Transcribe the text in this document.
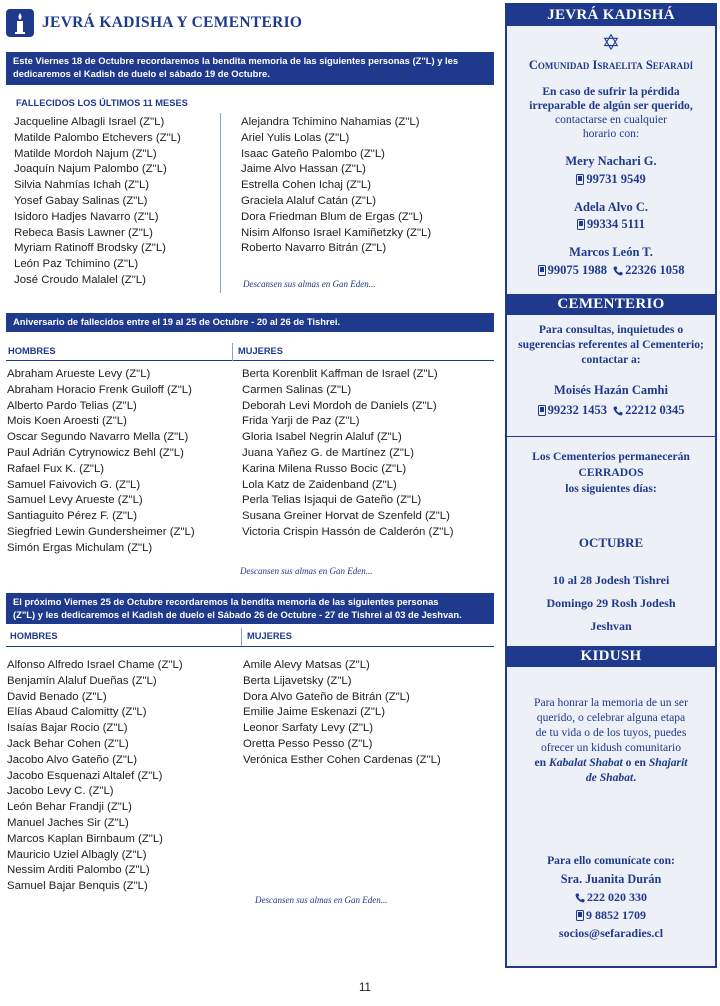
JEVRÁ KADISHA Y CEMENTERIO
Este Viernes 18 de Octubre recordaremos la bendita memoria de las siguientes personas (Z"L) y les dedicaremos el Kadish de duelo el sábado 19 de Octubre.
FALLECIDOS LOS ÚLTIMOS 11 MESES
Jacqueline Albagli Israel (Z"L)
Matilde Palombo Etchevers (Z"L)
Matilde Mordoh Najum (Z"L)
Joaquín Najum Palombo (Z"L)
Silvia Nahmías Ichah (Z"L)
Yosef Gabay Salinas (Z"L)
Isidoro Hadjes Navarro (Z"L)
Rebeca Basis Lawner (Z"L)
Myriam Ratinoff Brodsky (Z"L)
León Paz Tchimino (Z"L)
José Croudo Malalel (Z"L)
Alejandra Tchimino Nahamias (Z"L)
Ariel Yulis Lolas (Z"L)
Isaac Gateño Palombo (Z"L)
Jaime Alvo Hassan (Z"L)
Estrella Cohen Ichaj (Z"L)
Graciela Alaluf Catán (Z"L)
Dora Friedman Blum de Ergas (Z"L)
Nisim Alfonso Israel Kamiñetzky (Z"L)
Roberto Navarro Bitrán (Z"L)
Descansen sus almas en Gan Eden...
Aniversario de fallecidos entre el 19 al 25 de Octubre - 20 al 26 de Tishrei.
HOMBRES	MUJERES
Abraham Arueste Levy (Z"L)
Abraham Horacio Frenk Guiloff (Z"L)
Alberto Pardo Telias (Z"L)
Mois Koen Aroesti (Z"L)
Oscar Segundo Navarro Mella (Z"L)
Paul Adrián Cytrynowicz Behl (Z"L)
Rafael Fux K. (Z"L)
Samuel Faivovich G. (Z"L)
Samuel Levy Arueste (Z"L)
Santiaguito Pérez F. (Z"L)
Siegfried Lewin Gundersheimer (Z"L)
Simón Ergas Michulam (Z"L)
Berta Korenblit Kaffman de Israel (Z"L)
Carmen Salinas (Z"L)
Deborah Levi Mordoh de Daniels (Z"L)
Frida Yarji de Paz (Z"L)
Gloria Isabel Negrin Alaluf (Z"L)
Juana Yañez G. de Martínez (Z"L)
Karina Milena Russo Bocic (Z"L)
Lola Katz de Zaidenband (Z"L)
Perla Telias Isjaqui de Gateño (Z"L)
Susana Greiner Horvat de Szenfeld (Z"L)
Victoria Crispin Hassón de Calderón (Z"L)
Descansen sus almas en Gan Eden...
El próximo Viernes 25 de Octubre recordaremos la bendita memoria de las siguientes personas
(Z"L) y les dedicaremos el Kadish de duelo el Sábado 26 de Octubre - 27 de Tishrei al 03 de Jeshvan.
HOMBRES	MUJERES
Alfonso Alfredo Israel Chame (Z"L)
Benjamín Alaluf Dueñas (Z"L)
David Benado (Z"L)
Elías Abaud Calomitty (Z"L)
Isaías Bajar Rocio (Z"L)
Jack Behar Cohen (Z"L)
Jacobo Alvo Gateño (Z"L)
Jacobo Esquenazi Altalef (Z"L)
Jacobo Levy C. (Z"L)
León Behar Frandji (Z"L)
Manuel Jaches Sir (Z"L)
Marcos Kaplan Birnbaum (Z"L)
Mauricio Uziel Albagly (Z"L)
Nessim Arditi Palombo (Z"L)
Samuel Bajar Benquis (Z"L)
Amile Alevy Matsas (Z"L)
Berta Lijavetsky (Z"L)
Dora Alvo Gateño de Bitrán (Z"L)
Emilie Jaime Eskenazi (Z"L)
Leonor Sarfaty Levy (Z"L)
Oretta Pesso Pesso (Z"L)
Verónica Esther Cohen Cardenas (Z"L)
Descansen sus almas en Gan Eden...
11
JEVRÁ KADISHÁ
✡
Comunidad Israelita Sefaradí
En caso de sufrir la pérdida
irreparable de algún ser querido,
contactarse en cualquier
horario con:
Mery Nachari G.
99731 9549
Adela Alvo C.
99334 5111
Marcos León T.
99075 1988 22326 1058
CEMENTERIO
Para consultas, inquietudes o
sugerencias referentes al Cementerio;
contactar a:
Moisés Hazán Camhi
99232 1453 22212 0345
Los Cementerios permanecerán
CERRADOS
los siguientes días:
OCTUBRE
10 al 28 Jodesh Tishrei
Domingo 29 Rosh Jodesh
Jeshvan
KIDUSH
Para honrar la memoria de un ser
querido, o celebrar alguna etapa
de tu vida o de los tuyos, puedes
ofrecer un kidush comunitario
en Kabalat Shabat o en Shajarit
de Shabat.
Para ello comunícate con:
Sra. Juanita Durán
222 020 330
9 8852 1709
socios@sefaradies.cl
